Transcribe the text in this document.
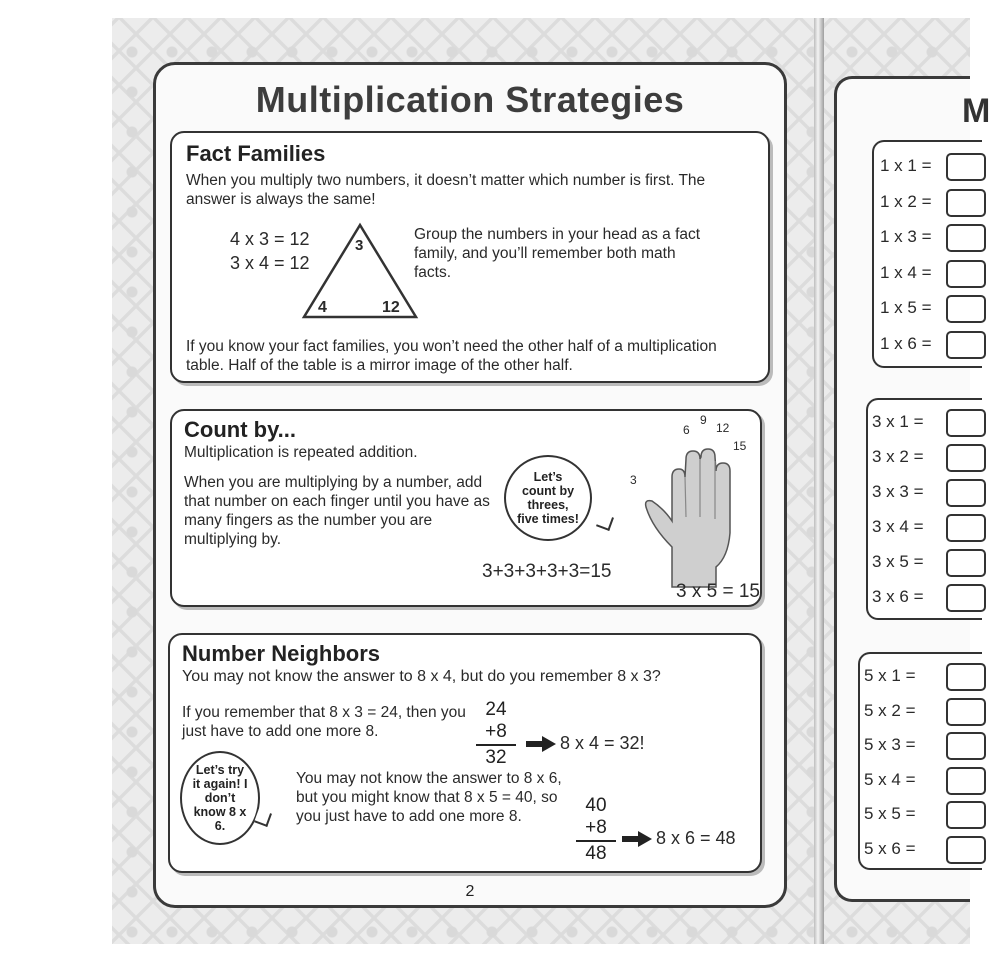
Multiplication Strategies
Fact Families
When you multiply two numbers, it doesn’t matter which number is first. The answer is always the same!
4 x 3 = 12
3 x 4 = 12
3
4	12
Group the numbers in your head as a fact family, and you’ll remember both math facts.
If you know your fact families, you won’t need the other half of a multiplication table. Half of the table is a mirror image of the other half.
Count by...
Multiplication is repeated addition.
When you are multiplying by a number, add that number on each finger until you have as many fingers as the number you are multiplying by.
Let’s count by threes, five times!
3+3+3+3+3=15
3
6
9
12
15
3 x 5 = 15
Number Neighbors
You may not know the answer to 8 x 4, but do you remember 8 x 3?
If you remember that 8 x 3 = 24, then you just have to add one more 8.
24
+8
32
8 x 4 = 32!
Let’s try it again! I don’t know 8 x 6.
You may not know the answer to 8 x 6, but you might know that 8 x 5 = 40, so you just have to add one more 8.
40
+8
48
8 x 6 = 48
2
M
1 x 1 =
1 x 2 =
1 x 3 =
1 x 4 =
1 x 5 =
1 x 6 =
3 x 1 =
3 x 2 =
3 x 3 =
3 x 4 =
3 x 5 =
3 x 6 =
5 x 1 =
5 x 2 =
5 x 3 =
5 x 4 =
5 x 5 =
5 x 6 =
